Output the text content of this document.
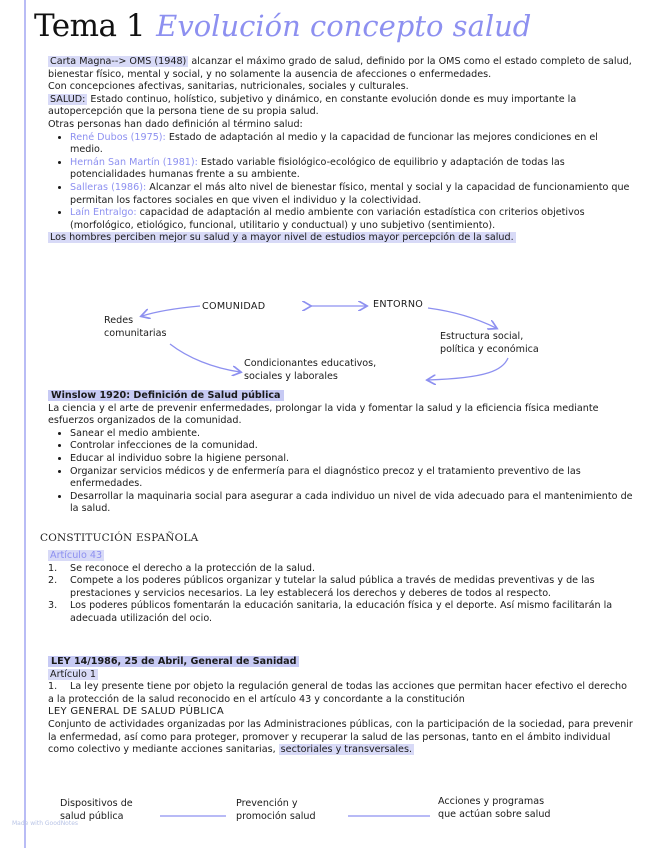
Tema 1 Evolución concepto salud
Carta Magna--> OMS (1948) alcanzar el máximo grado de salud, definido por la OMS como el estado completo de salud, bienestar físico, mental y social, y no solamente la ausencia de afecciones o enfermedades.
Con concepciones afectivas, sanitarias, nutricionales, sociales y culturales.
SALUD: Estado continuo, holístico, subjetivo y dinámico, en constante evolución donde es muy importante la autopercepción que la persona tiene de su propia salud.
Otras personas han dado definición al término salud:
• René Dubos (1975): Estado de adaptación al medio y la capacidad de funcionar las mejores condiciones en el medio.
• Hernán San Martín (1981): Estado variable fisiológico-ecológico de equilibrio y adaptación de todas las potencialidades humanas frente a su ambiente.
• Salleras (1986): Alcanzar el más alto nivel de bienestar físico, mental y social y la capacidad de funcionamiento que permitan los factores sociales en que viven el individuo y la colectividad.
• Laín Entralgo: capacidad de adaptación al medio ambiente con variación estadística con criterios objetivos (morfológico, etiológico, funcional, utilitario y conductual) y uno subjetivo (sentimiento).
Los hombres perciben mejor su salud y a mayor nivel de estudios mayor percepción de la salud.
COMUNIDAD	ENTORNO
Redes
comunitarias	Estructura social,
política y económica
Condicionantes educativos,
sociales y laborales
Winslow 1920: Definición de Salud pública
La ciencia y el arte de prevenir enfermedades, prolongar la vida y fomentar la salud y la eficiencia física mediante esfuerzos organizados de la comunidad.
• Sanear el medio ambiente.
• Controlar infecciones de la comunidad.
• Educar al individuo sobre la higiene personal.
• Organizar servicios médicos y de enfermería para el diagnóstico precoz y el tratamiento preventivo de las enfermedades.
• Desarrollar la maquinaria social para asegurar a cada individuo un nivel de vida adecuado para el mantenimiento de la salud.
CONSTITUCIÓN ESPAÑOLA
Artículo 43
1.	Se reconoce el derecho a la protección de la salud.
2.	Compete a los poderes públicos organizar y tutelar la salud pública a través de medidas preventivas y de las prestaciones y servicios necesarios. La ley establecerá los derechos y deberes de todos al respecto.
3.	Los poderes públicos fomentarán la educación sanitaria, la educación física y el deporte. Así mismo facilitarán la adecuada utilización del ocio.
LEY 14/1986, 25 de Abril, General de Sanidad
Artículo 1
1. La ley presente tiene por objeto la regulación general de todas las acciones que permitan hacer efectivo el derecho a la protección de la salud reconocido en el artículo 43 y concordante a la constitución
LEY GENERAL DE SALUD PÚBLICA
Conjunto de actividades organizadas por las Administraciones públicas, con la participación de la sociedad, para prevenir la enfermedad, así como para proteger, promover y recuperar la salud de las personas, tanto en el ámbito individual como colectivo y mediante acciones sanitarias, sectoriales y transversales.
Dispositivos de
salud pública
Prevención y
promoción salud
Acciones y programas
que actúan sobre salud
Made with GoodNotes
